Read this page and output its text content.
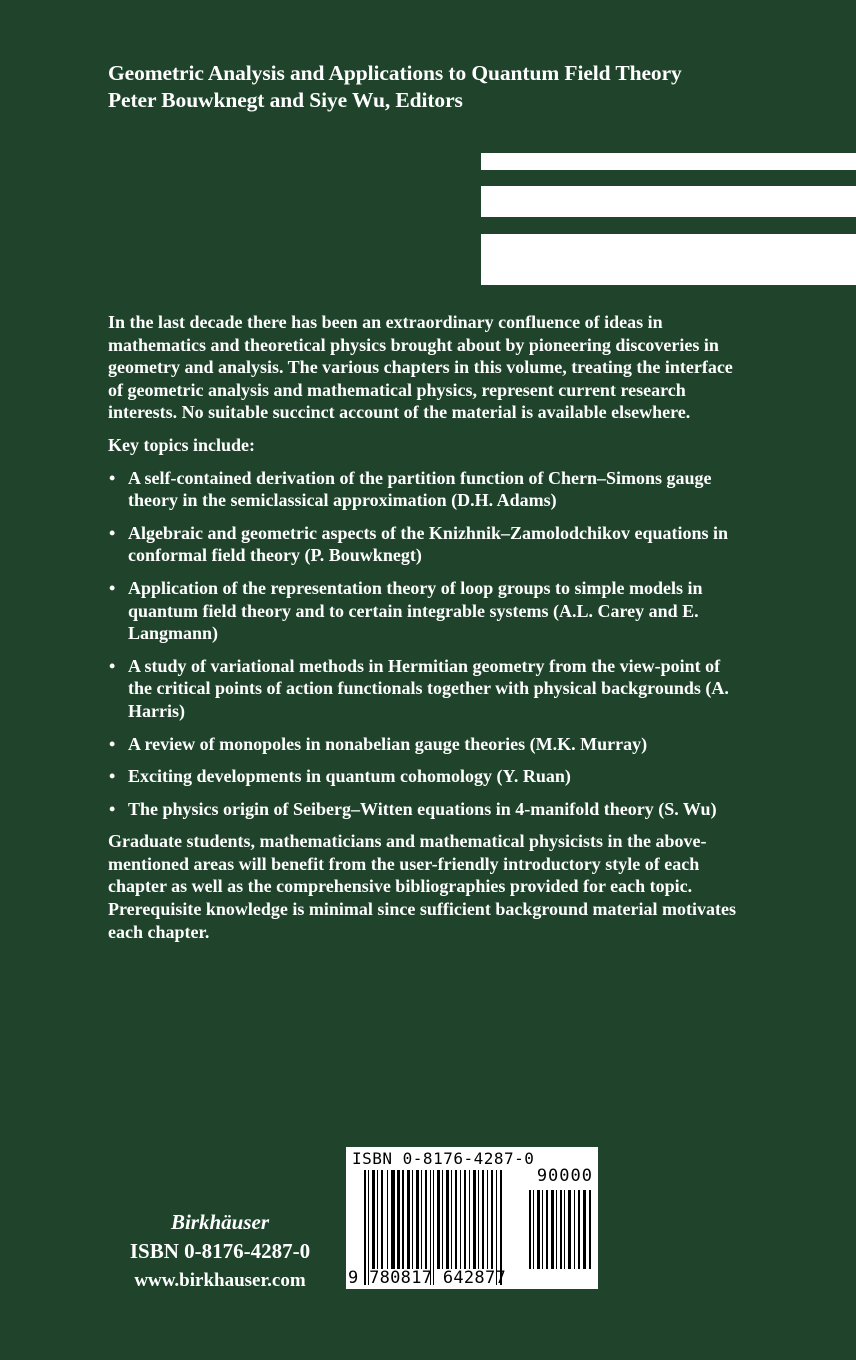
Geometric Analysis and Applications to Quantum Field Theory
Peter Bouwknegt and Siye Wu, Editors

In the last decade there has been an extraordinary confluence of ideas in mathematics and theoretical physics brought about by pioneering discoveries in geometry and analysis. The various chapters in this volume, treating the interface of geometric analysis and mathematical physics, represent current research interests. No suitable succinct account of the material is available elsewhere.

Key topics include:

• A self-contained derivation of the partition function of Chern–Simons gauge theory in the semiclassical approximation (D.H. Adams)
• Algebraic and geometric aspects of the Knizhnik–Zamolodchikov equations in conformal field theory (P. Bouwknegt)
• Application of the representation theory of loop groups to simple models in quantum field theory and to certain integrable systems (A.L. Carey and E. Langmann)
• A study of variational methods in Hermitian geometry from the view-point of the critical points of action functionals together with physical backgrounds (A. Harris)
• A review of monopoles in nonabelian gauge theories (M.K. Murray)
• Exciting developments in quantum cohomology (Y. Ruan)
• The physics origin of Seiberg–Witten equations in 4-manifold theory (S. Wu)

Graduate students, mathematicians and mathematical physicists in the above-mentioned areas will benefit from the user-friendly introductory style of each chapter as well as the comprehensive bibliographies provided for each topic. Prerequisite knowledge is minimal since sufficient background material motivates each chapter.

Birkhäuser
ISBN 0-8176-4287-0
www.birkhauser.com
ISBN 0-8176-4287-0
90000
9 780817 642877
